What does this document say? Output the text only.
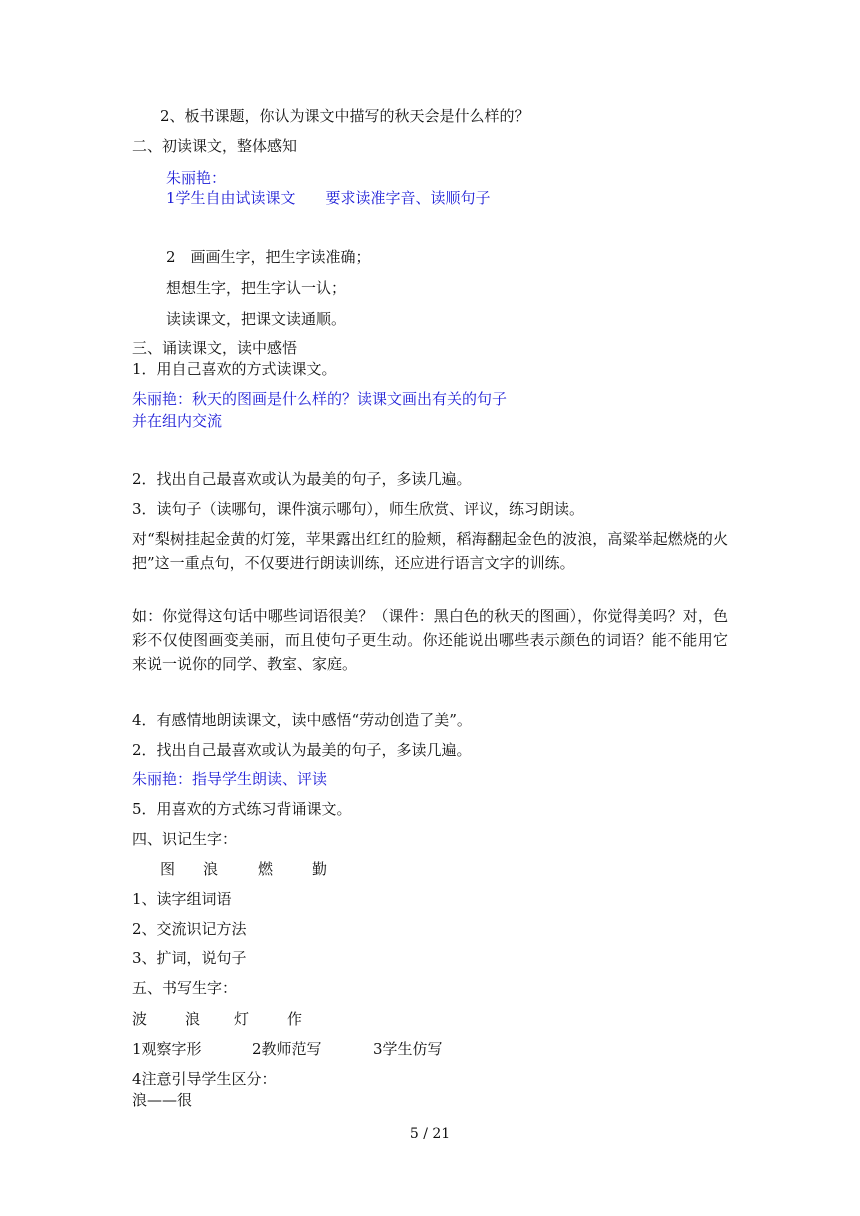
2、板书课题，你认为课文中描写的秋天会是什么样的？
二、初读课文，整体感知
朱丽艳：
1学生自由试读课文　　要求读准字音、读顺句子
2　画画生字，把生字读准确；
想想生字，把生字认一认；
读读课文，把课文读通顺。
三、诵读课文，读中感悟
1．用自己喜欢的方式读课文。
朱丽艳：秋天的图画是什么样的？读课文画出有关的句子
并在组内交流
2．找出自己最喜欢或认为最美的句子，多读几遍。
3．读句子（读哪句，课件演示哪句），师生欣赏、评议，练习朗读。
对“梨树挂起金黄的灯笼，苹果露出红红的脸颊，稻海翻起金色的波浪，高粱举起燃烧的火把”这一重点句，不仅要进行朗读训练，还应进行语言文字的训练。
如：你觉得这句话中哪些词语很美？（课件：黑白色的秋天的图画），你觉得美吗？对，色彩不仅使图画变美丽，而且使句子更生动。你还能说出哪些表示颜色的词语？能不能用它来说一说你的同学、教室、家庭。
4．有感情地朗读课文，读中感悟“劳动创造了美”。
2．找出自己最喜欢或认为最美的句子，多读几遍。
朱丽艳：指导学生朗读、评读
5．用喜欢的方式练习背诵课文。
四、识记生字：
图 浪	燃	勤
1、读字组词语
2、交流识记方法
3、扩词，说句子
五、书写生字：
波	浪 灯	作
1观察字形	2教师范写	3学生仿写
4注意引导学生区分：
浪——很
5 / 21
